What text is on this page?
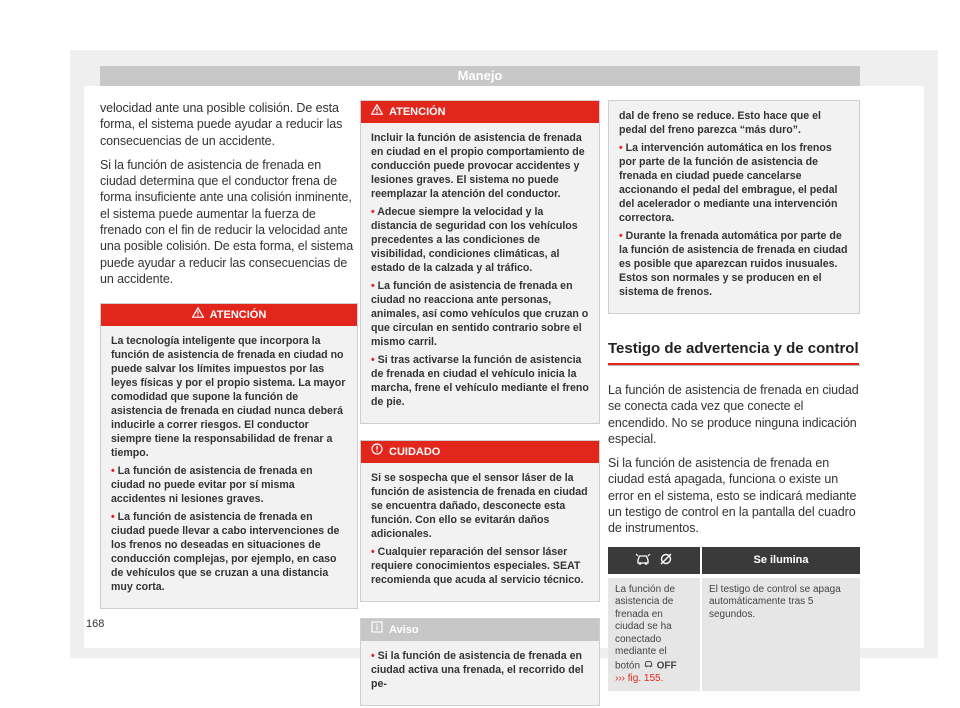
Manejo

velocidad ante una posible colisión. De esta forma, el sistema puede ayudar a reducir las consecuencias de un accidente.

Si la función de asistencia de frenada en ciudad determina que el conductor frena de forma insuficiente ante una colisión inminente, el sistema puede aumentar la fuerza de frenado con el fin de reducir la velocidad ante una posible colisión. De esta forma, el sistema puede ayudar a reducir las consecuencias de un accidente.

ATENCIÓN

La tecnología inteligente que incorpora la función de asistencia de frenada en ciudad no puede salvar los límites impuestos por las leyes físicas y por el propio sistema. La mayor comodidad que supone la función de asistencia de frenada en ciudad nunca deberá inducirle a correr riesgos. El conductor siempre tiene la responsabilidad de frenar a tiempo.

• La función de asistencia de frenada en ciudad no puede evitar por sí misma accidentes ni lesiones graves.

• La función de asistencia de frenada en ciudad puede llevar a cabo intervenciones de los frenos no deseadas en situaciones de conducción complejas, por ejemplo, en caso de vehículos que se cruzan a una distancia muy corta.

ATENCIÓN

Incluir la función de asistencia de frenada en ciudad en el propio comportamiento de conducción puede provocar accidentes y lesiones graves. El sistema no puede reemplazar la atención del conductor.

• Adecue siempre la velocidad y la distancia de seguridad con los vehículos precedentes a las condiciones de visibilidad, condiciones climáticas, al estado de la calzada y al tráfico.

• La función de asistencia de frenada en ciudad no reacciona ante personas, animales, así como vehículos que cruzan o que circulan en sentido contrario sobre el mismo carril.

• Si tras activarse la función de asistencia de frenada en ciudad el vehículo inicia la marcha, frene el vehículo mediante el freno de pie.

CUIDADO

Si se sospecha que el sensor láser de la función de asistencia de frenada en ciudad se encuentra dañado, desconecte esta función. Con ello se evitarán daños adicionales.

• Cualquier reparación del sensor láser requiere conocimientos especiales. SEAT recomienda que acuda al servicio técnico.

Aviso

• Si la función de asistencia de frenada en ciudad activa una frenada, el recorrido del pe-

dal de freno se reduce. Esto hace que el pedal del freno parezca “más duro”.

• La intervención automática en los frenos por parte de la función de asistencia de frenada en ciudad puede cancelarse accionando el pedal del embrague, el pedal del acelerador o mediante una intervención correctora.

• Durante la frenada automática por parte de la función de asistencia de frenada en ciudad es posible que aparezcan ruidos inusuales. Estos son normales y se producen en el sistema de frenos.

Testigo de advertencia y de control

La función de asistencia de frenada en ciudad se conecta cada vez que conecte el encendido. No se produce ninguna indicación especial.

Si la función de asistencia de frenada en ciudad está apagada, funciona o existe un error en el sistema, esto se indicará mediante un testigo de control en la pantalla del cuadro de instrumentos.

	Se ilumina
La función de asistencia de frenada en ciudad se ha conectado mediante el botón OFF
››› fig. 155.	El testigo de control se apaga automáticamente tras 5 segundos.
168
